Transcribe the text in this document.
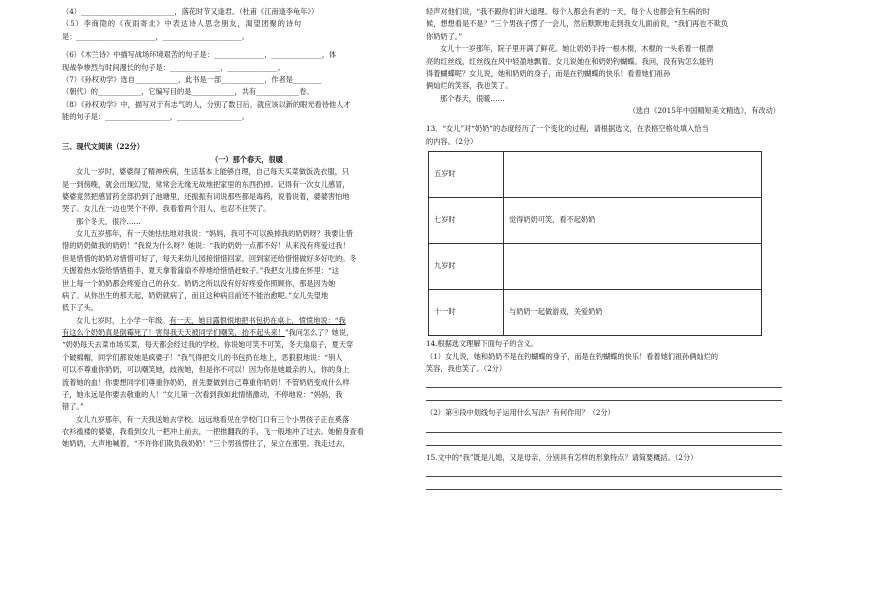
（4）__________________________，落花时节又逢君。（杜甫《江南逢李龟年》）
（5）李商隐的《夜雨寄北》中表达诗人思念朋友，渴望团聚的诗句
是：______________________，______________________。
（6）《木兰诗》中描写战场环境艰苦的句子是：______________，______________，体
现战争惨烈与时间漫长的句子是：______________，______________。
（7）《孙权劝学》选自____________，此书是一部____________，作者是________
（朝代）的____________，它编写目的是____________，共有____________卷。
（8）《孙权劝学》中，描写对于有志气的人，分别了数日后，就应该以新的眼光看待他人才
能的句子是：__________________，__________________。
三、现代文阅读（22分）
（一）那个春天，很暖
女儿一岁时，婆婆得了精神疾病，生活基本上能够自理，自己每天买菜做饭洗衣服，只
是一到傍晚，就会出现幻觉，常常会无缘无故地把家里的东西扔掉。记得有一次女儿感冒，
婆婆竟然把感冒药全部扔到了池塘里，还振振有词说那些都是毒药，说着说着，婆婆害怕地
哭了。女儿在一边也哭个不停。我看着两个泪人，也忍不住哭了。
那个冬天，很冷……
女儿五岁那年，有一天她怯怯地对我说：“妈妈，我可不可以换掉我的奶奶呀？我要让惜
惜的奶奶做我的奶奶！”我说为什么呀？她说：“我的奶奶一点都不好！从来没有疼爱过我！
但是惜惜的奶奶对惜惜可好了，每天来幼儿园接惜惜回家，回到家还给惜惜做好多好吃的。冬
天握着热水袋给惜惜捂手，夏天拿着蒲扇不停地给惜惜赶蚊子。”我把女儿搂在怀里：“这
世上每一个奶奶都会疼爱自己的孙女。奶奶之所以没有好好疼爱你照顾你，那是因为她
病了。从你出生的那天起，奶奶就病了，而且这种病目前还不能治愈呢。”女儿失望地
低下了头。
女儿七岁时，上小学一年级。有一天，她目露恨恨地把书包扔在桌上，愤愤地说：“我
有这么个奶奶真是倒霉死了！害得我天天被同学们嘲笑，抬不起头来！”我问怎么了？她说，
“奶奶每天去菜市场买菜，每天都会经过我的学校。你说她可笑不可笑，冬天扇扇子，夏天穿
个破棉帽，同学们都说她是疯婆子！”我气得把女儿的书包扔在地上，恶狠狠地说：“别人
可以不尊重你奶奶，可以嘲笑她，歧视她，但是你不可以！因为你是她最亲的人，你的身上
流着她的血！你要想同学们尊重你奶奶，首先要做到自己尊重你奶奶！不管奶奶变成什么样
子，她永远是你要去敬重的人！”女儿第一次看到我如此情绪激动，不停地说：“妈妈，我
错了。”
女儿九岁那年，有一天我送她去学校。远远地看见在学校门口有三个小男孩子正在奚落
衣衫褴褛的婆婆，我看到女儿一把冲上前去，一把推翻我的手，飞一般地冲了过去。她俯身查看
她奶奶，大声地喊着，“不许你们欺负我奶奶！”三个男孩愣住了，呆立在那里。我走过去，
轻声对他们说，“我不跟你们讲大道理。每个人都会有老的一天，每个人也都会有生病的时
候，想想看是不是？”三个男孩子愣了一会儿，然后默默地走到我女儿面前说，“我们再也不欺负
你奶奶了。”
女儿十一岁那年，院子里开满了鲜花。她让奶奶手持一根木棍，木棍的一头系着一根漂
亮的红丝线，红丝线在风中轻盈地飘着。女儿说她在和奶奶钓蝴蝶。我问，没有钩怎么能钓
得着蝴蝶呢？女儿说，她和奶奶的身子，而是在钓蝴蝶的快乐！看着她们祖孙
俩灿烂的笑容，我也笑了。
那个春天，很暖……
（选自《2015年中国精短美文精选》，有改动）
13．“女儿”对“奶奶”的态度经历了一个变化的过程，请根据选文，在表格空格处填入恰当
的内容。（2分）
五岁时	
七岁时	觉得奶奶可笑，看不起奶奶
九岁时	
十一时	与奶奶一起做游戏，关爱奶奶
14.根据选文理解下面句子的含义。
（1）女儿说，她和奶奶不是在钓蝴蝶的身子，而是在钓蝴蝶的快乐！看着她们祖孙俩灿烂的
笑容，我也笑了。（2分）
（2）第④段中划线句子运用什么写法？有何作用？（2分）
15.文中的“我”既是儿媳，又是母亲，分别具有怎样的形象特点？请简要概括。（2分）
